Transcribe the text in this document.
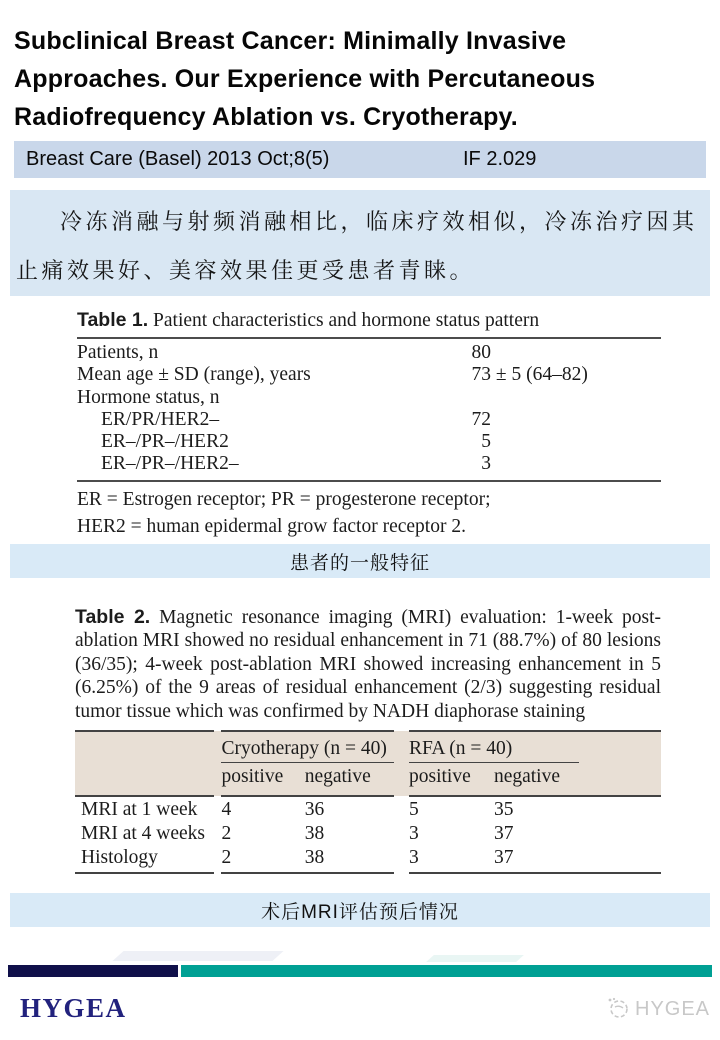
Subclinical Breast Cancer: Minimally Invasive
Approaches. Our Experience with Percutaneous
Radiofrequency Ablation vs. Cryotherapy.
Breast Care (Basel) 2013 Oct;8(5)	IF 2.029

冷冻消融与射频消融相比，临床疗效相似，冷冻治疗因其止痛效果好、美容效果佳更受患者青睐。

Table 1. Patient characteristics and hormone status pattern
Patients, n	80
Mean age ± SD (range), years	73 ± 5 (64–82)
Hormone status, n
ER/PR/HER2–	72
ER–/PR–/HER2	5
ER–/PR–/HER2–	3
ER = Estrogen receptor; PR = progesterone receptor;
HER2 = human epidermal grow factor receptor 2.
患者的一般特征
Table 2. Magnetic resonance imaging (MRI) evaluation: 1-week post-ablation MRI showed no residual enhancement in 71 (88.7%) of 80 lesions (36/35); 4-week post-ablation MRI showed increasing enhancement in 5 (6.25%) of the 9 areas of residual enhancement (2/3) suggesting residual tumor tissue which was confirmed by NADH diaphorase staining
		Cryotherapy (n = 40)			RFA (n = 40)		
		positive	negative		positive	negative	
MRI at 1 week		4	36		5	35	
MRI at 4 weeks		2	38		3	37	
Histology		2	38		3	37	
术后MRI评估预后情况
HYGEA	HYGEA
